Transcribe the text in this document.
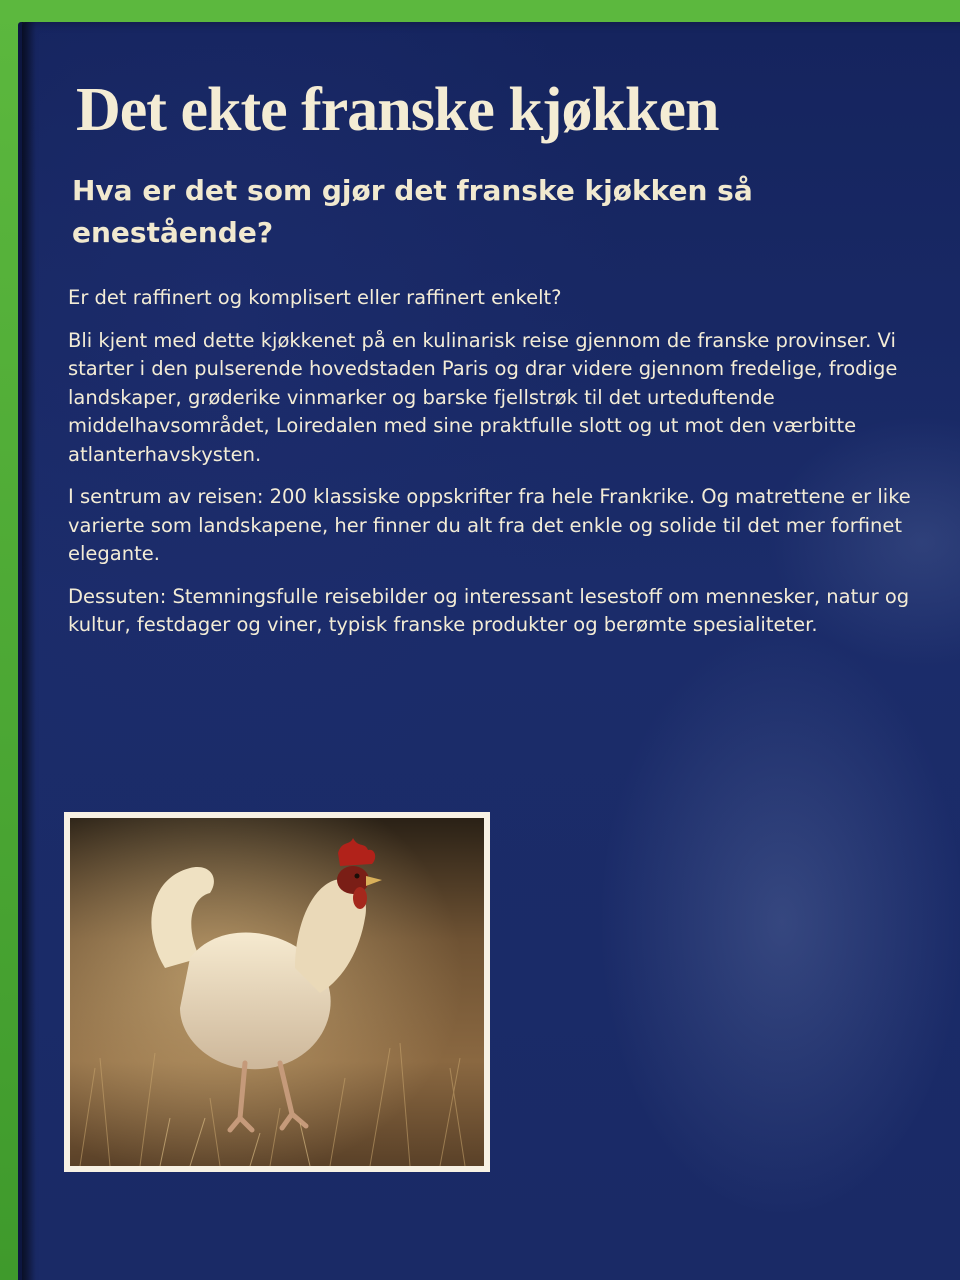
Det ekte franske kjøkken
Hva er det som gjør det franske kjøkken så enestående?

Er det raffinert og komplisert eller raffinert enkelt?

Bli kjent med dette kjøkkenet på en kulinarisk reise gjennom de franske provinser. Vi starter i den pulserende hovedstaden Paris og drar videre gjennom fredelige, frodige landskaper, grøderike vinmarker og barske fjellstrøk til det urteduftende middelhavsområdet, Loiredalen med sine praktfulle slott og ut mot den værbitte atlanterhavskysten.

I sentrum av reisen: 200 klassiske oppskrifter fra hele Frankrike. Og matrettene er like varierte som landskapene, her finner du alt fra det enkle og solide til det mer forfinet elegante.

Dessuten: Stemningsfulle reisebilder og interessant lesestoff om mennesker, natur og kultur, festdager og viner, typisk franske produkter og berømte spesialiteter.
